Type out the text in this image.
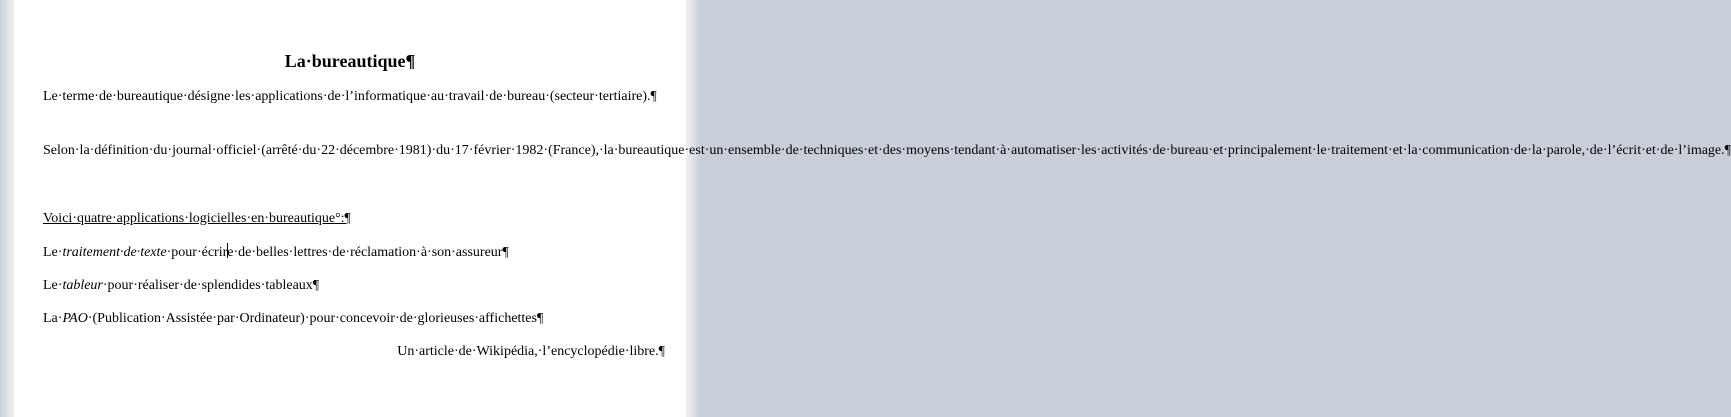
La·bureautique¶

Le·terme·de·bureautique·désigne·les·applications·de·l’informatique·au·travail·de·bureau·(secteur·tertiaire).¶

Selon·la·définition·du·journal·officiel·(arrêté·du·22·décembre·1981)·du·17·février·1982·(France),·la·bureautique·est·un·ensemble·de·techniques·et·des·moyens·tendant·à·automatiser·les·activités·de·bureau·et·principalement·le·traitement·et·la·communication·de·la·parole,·de·l’écrit·et·de·l’image.¶

Voici·quatre·applications·logicielles·en·bureautique°:¶

Le·traitement·de·texte·pour·écrire·de·belles·lettres·de·réclamation·à·son·assureur¶

Le·tableur·pour·réaliser·de·splendides·tableaux¶

La·PAO·(Publication·Assistée·par·Ordinateur)·pour·concevoir·de·glorieuses·affichettes¶

Un·article·de·Wikipédia,·l’encyclopédie·libre.¶
